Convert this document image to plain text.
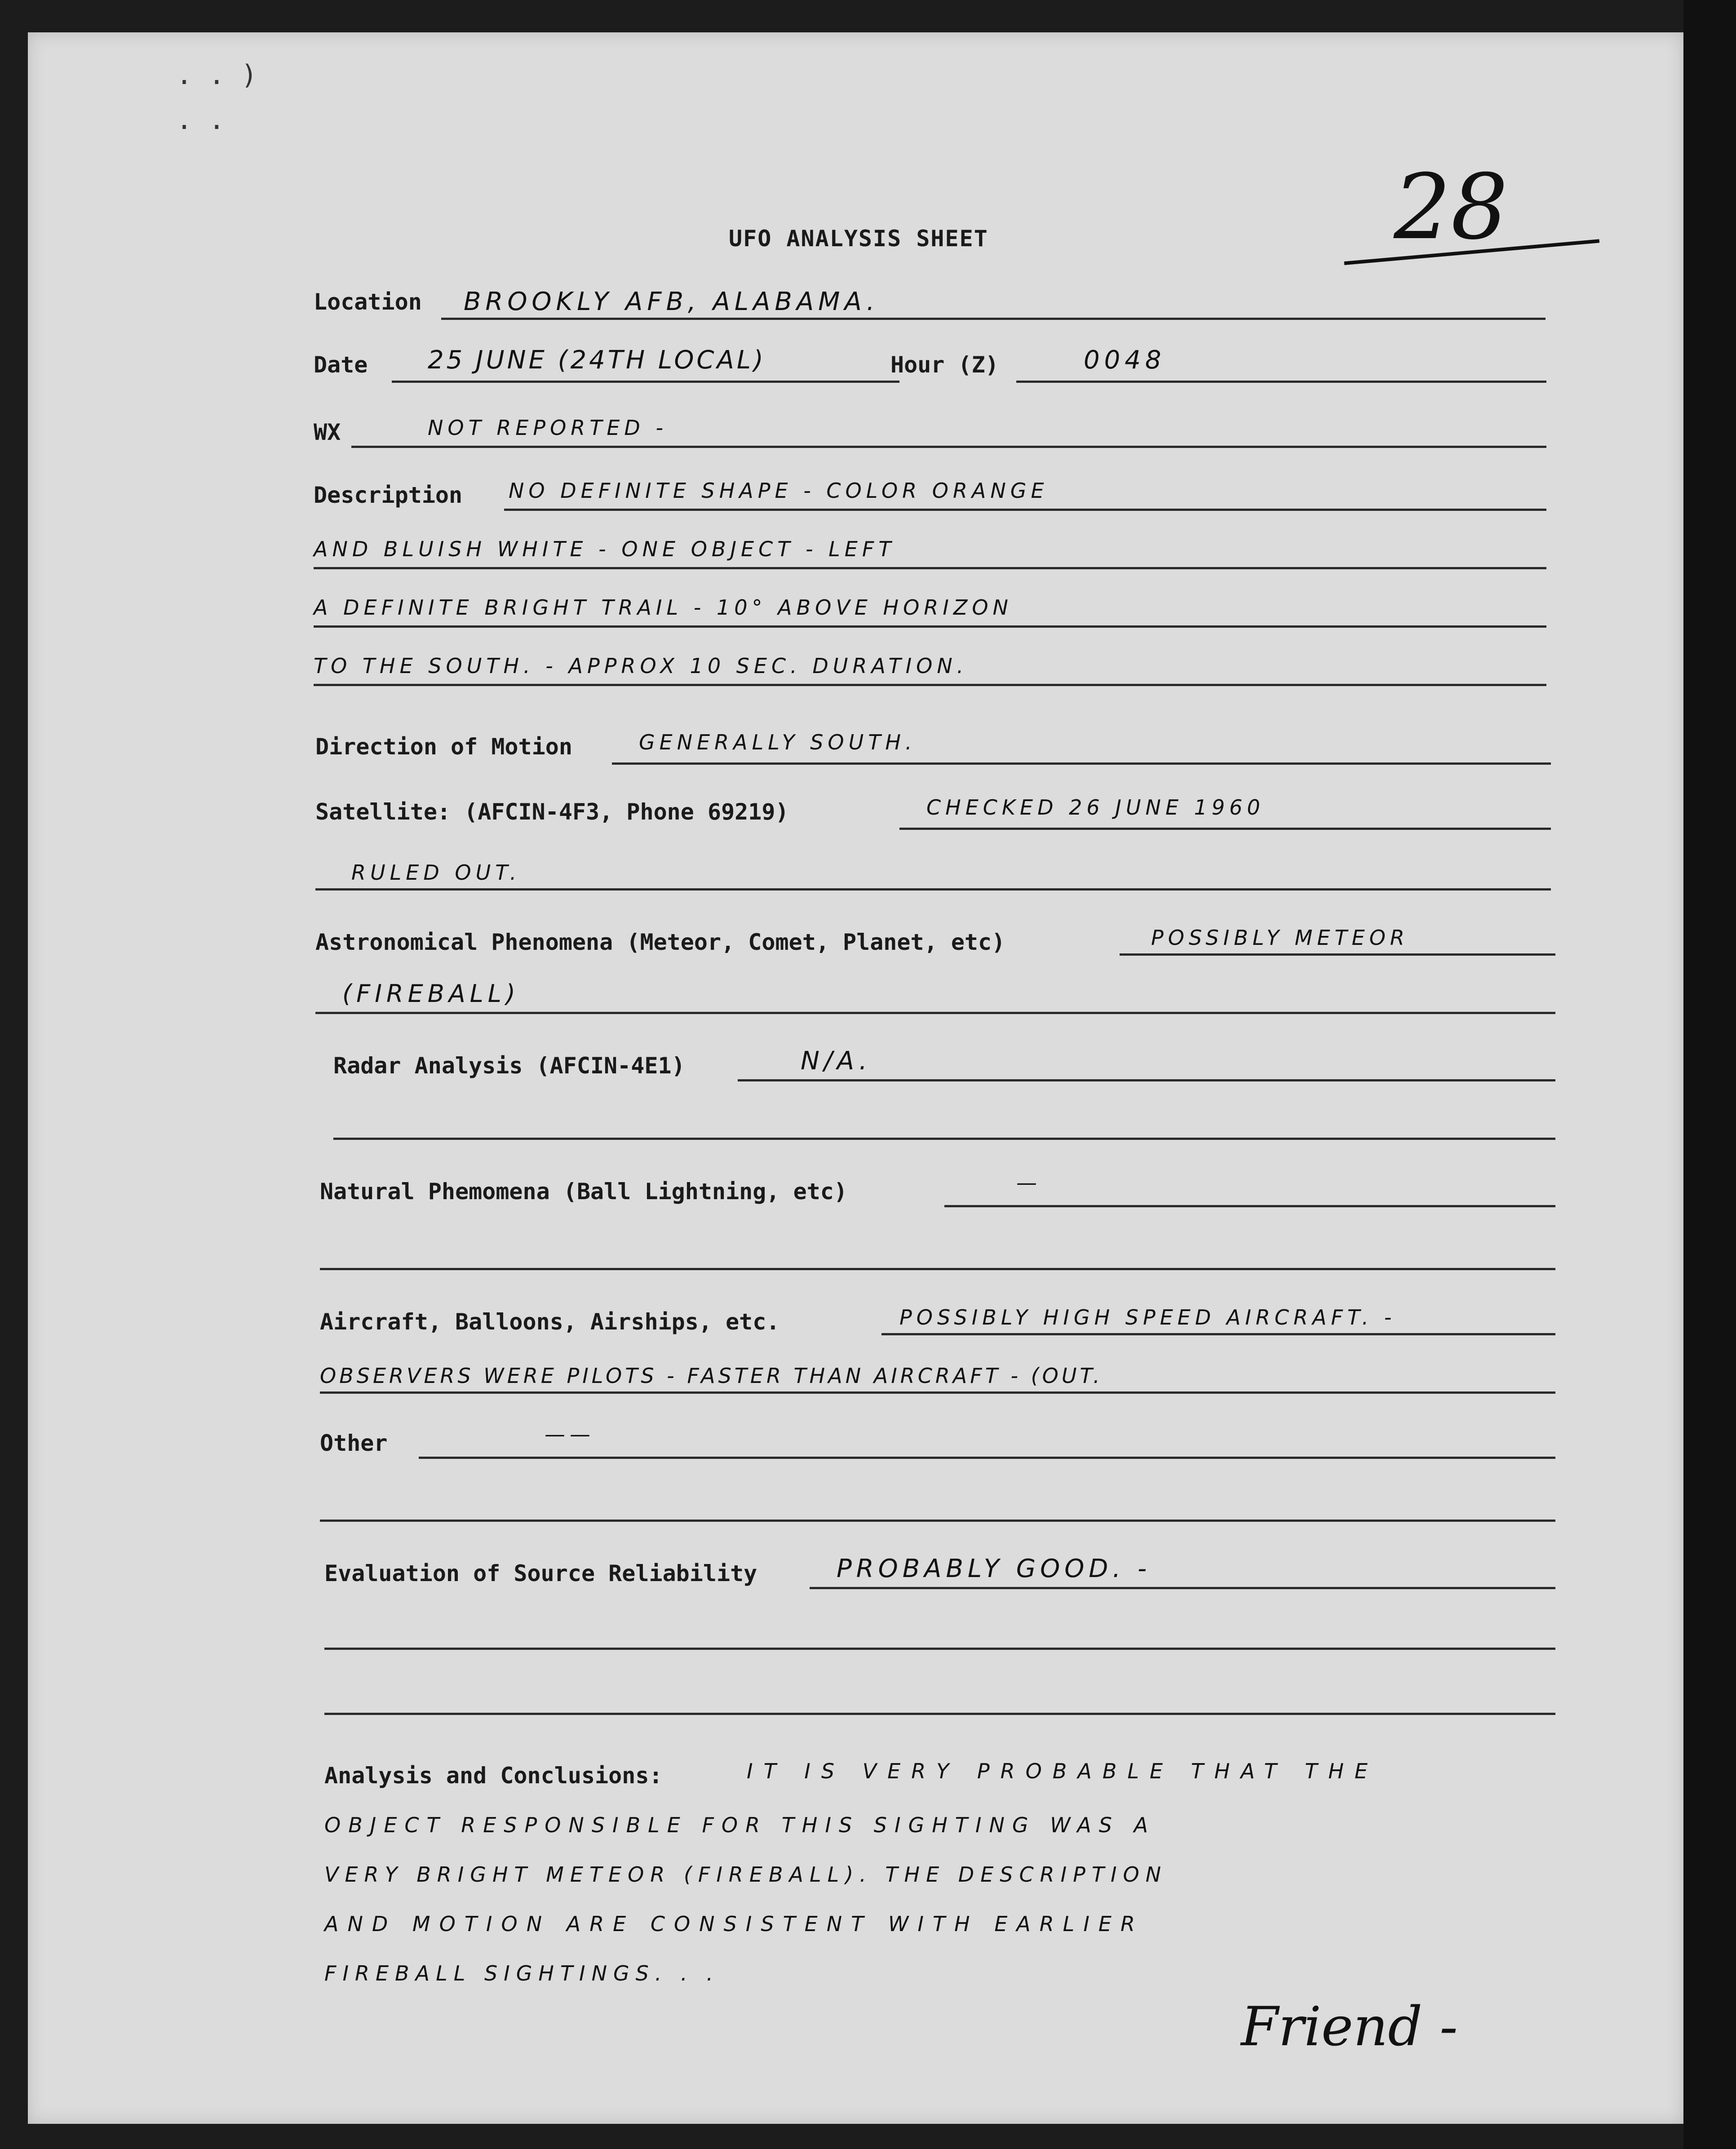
. . )
. .
UFO ANALYSIS SHEET	28
Location BROOKLY AFB, ALABAMA.
Date 25 JUNE (24TH LOCAL)	Hour (Z)	0048
WX	NOT REPORTED -
Description NO DEFINITE SHAPE - COLOR ORANGE
AND BLUISH WHITE - ONE OBJECT - LEFT
A DEFINITE BRIGHT TRAIL - 10° ABOVE HORIZON
TO THE SOUTH. - APPROX 10 SEC. DURATION.
Direction of Motion	GENERALLY SOUTH.
Satellite: (AFCIN-4F3, Phone 69219)	CHECKED 26 JUNE 1960
RULED OUT.
Astronomical Phenomena (Meteor, Comet, Planet, etc)	POSSIBLY METEOR
(FIREBALL)
Radar Analysis (AFCIN-4E1)	N/A.
Natural Phemomena (Ball Lightning, etc)	—
Aircraft, Balloons, Airships, etc.	POSSIBLY HIGH SPEED AIRCRAFT. -
OBSERVERS WERE PILOTS - FASTER THAN AIRCRAFT - (OUT.
Other	——
Evaluation of Source Reliability	PROBABLY GOOD. -
Analysis and Conclusions:	IT IS VERY PROBABLE THAT THE
OBJECT RESPONSIBLE FOR THIS SIGHTING WAS A
VERY BRIGHT METEOR (FIREBALL). THE DESCRIPTION
AND MOTION ARE CONSISTENT WITH EARLIER
FIREBALL SIGHTINGS. . .
Friend -
